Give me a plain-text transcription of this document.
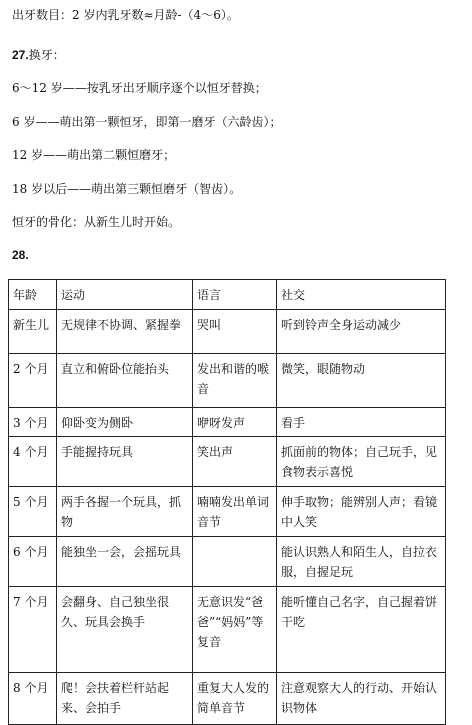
出牙数目：2 岁内乳牙数≈月龄-（4～6）。
27.换牙：
6～12 岁——按乳牙出牙顺序逐个以恒牙替换；
6 岁——萌出第一颗恒牙，即第一磨牙（六龄齿）；
12 岁——萌出第二颗恒磨牙；
18 岁以后——萌出第三颗恒磨牙（智齿）。
恒牙的骨化：从新生儿时开始。
28.
年龄	运动	语言	社交
新生儿	无规律不协调、紧握拳	哭叫	听到铃声全身运动减少
2 个月	直立和俯卧位能抬头	发出和谐的喉音	微笑，眼随物动
3 个月	仰卧变为侧卧	咿呀发声	看手
4 个月	手能握持玩具	笑出声	抓面前的物体；自己玩手，见食物表示喜悦
5 个月	两手各握一个玩具，抓物	喃喃发出单词音节	伸手取物；能辨别人声；看镜中人笑
6 个月	能独坐一会，会摇玩具		能认识熟人和陌生人，自拉衣服，自握足玩
7 个月	会翻身、自己独坐很久、玩具会换手	无意识发“爸爸”“妈妈”等复音	能听懂自己名字，自己握着饼干吃
8 个月	爬！会扶着栏杆站起来、会拍手	重复大人发的简单音节	注意观察大人的行动、开始认识物体
